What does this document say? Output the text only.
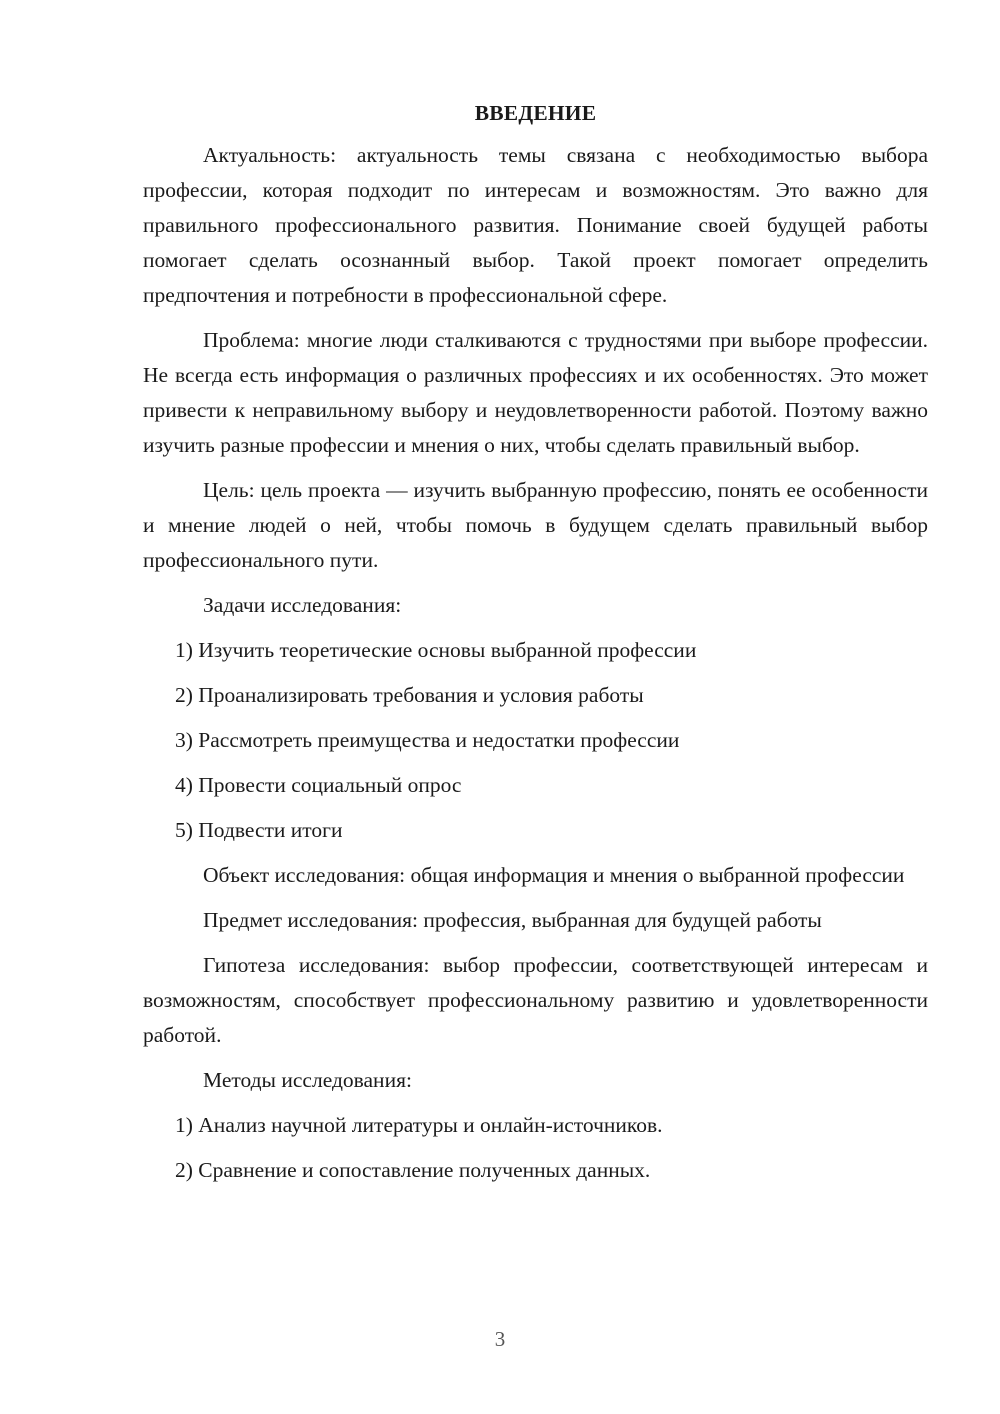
ВВЕДЕНИЕ

Актуальность: актуальность темы связана с необходимостью выбора профессии, которая подходит по интересам и возможностям. Это важно для правильного профессионального развития. Понимание своей будущей работы помогает сделать осознанный выбор. Такой проект помогает определить предпочтения и потребности в профессиональной сфере.

Проблема: многие люди сталкиваются с трудностями при выборе профессии. Не всегда есть информация о различных профессиях и их особенностях. Это может привести к неправильному выбору и неудовлетворенности работой. Поэтому важно изучить разные профессии и мнения о них, чтобы сделать правильный выбор.

Цель: цель проекта — изучить выбранную профессию, понять ее особенности и мнение людей о ней, чтобы помочь в будущем сделать правильный выбор профессионального пути.

Задачи исследования:

1) Изучить теоретические основы выбранной профессии

2) Проанализировать требования и условия работы

3) Рассмотреть преимущества и недостатки профессии

4) Провести социальный опрос

5) Подвести итоги

Объект исследования: общая информация и мнения о выбранной профессии

Предмет исследования: профессия, выбранная для будущей работы

Гипотеза исследования: выбор профессии, соответствующей интересам и возможностям, способствует профессиональному развитию и удовлетворенности работой.

Методы исследования:

1) Анализ научной литературы и онлайн-источников.

2) Сравнение и сопоставление полученных данных.

3
